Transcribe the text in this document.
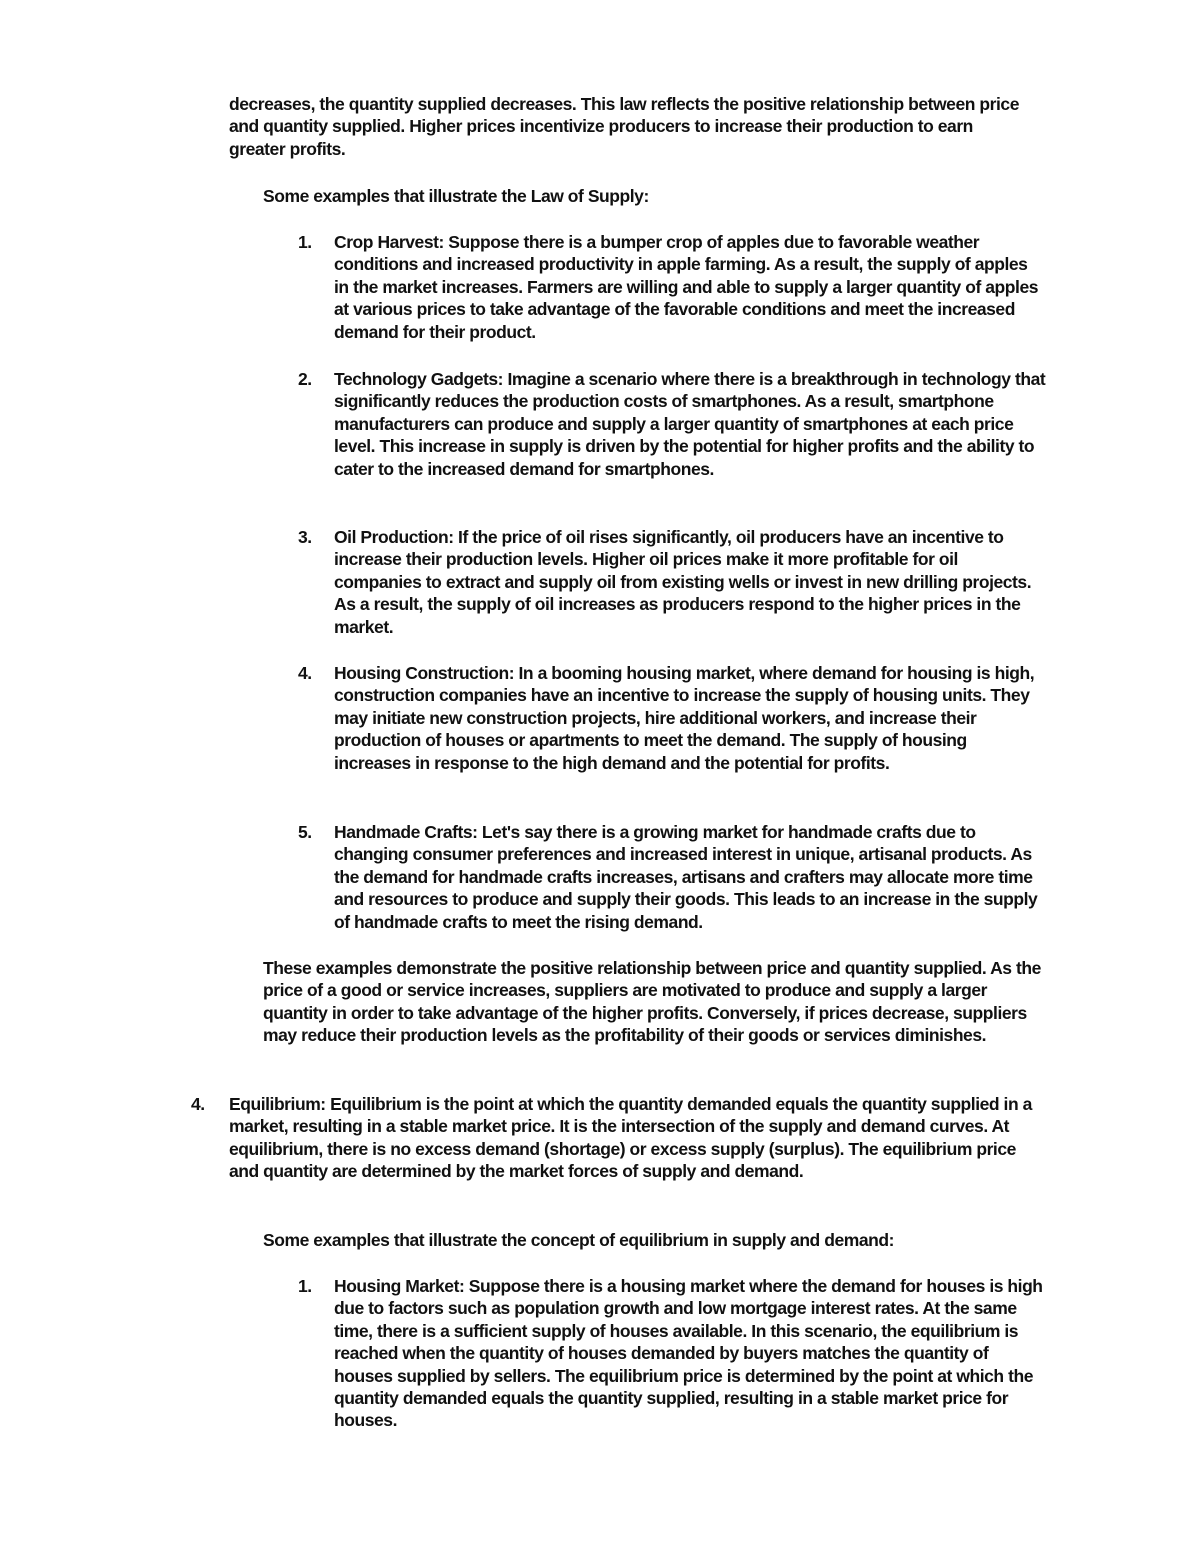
decreases, the quantity supplied decreases. This law reflects the positive relationship between price and quantity supplied. Higher prices incentivize producers to increase their production to earn greater profits.

Some examples that illustrate the Law of Supply:

1.	Crop Harvest: Suppose there is a bumper crop of apples due to favorable weather conditions and increased productivity in apple farming. As a result, the supply of apples in the market increases. Farmers are willing and able to supply a larger quantity of apples at various prices to take advantage of the favorable conditions and meet the increased demand for their product.

2.	Technology Gadgets: Imagine a scenario where there is a breakthrough in technology that significantly reduces the production costs of smartphones. As a result, smartphone manufacturers can produce and supply a larger quantity of smartphones at each price level. This increase in supply is driven by the potential for higher profits and the ability to cater to the increased demand for smartphones.

3.	Oil Production: If the price of oil rises significantly, oil producers have an incentive to increase their production levels. Higher oil prices make it more profitable for oil companies to extract and supply oil from existing wells or invest in new drilling projects. As a result, the supply of oil increases as producers respond to the higher prices in the market.

4.	Housing Construction: In a booming housing market, where demand for housing is high, construction companies have an incentive to increase the supply of housing units. They may initiate new construction projects, hire additional workers, and increase their production of houses or apartments to meet the demand. The supply of housing increases in response to the high demand and the potential for profits.

5.	Handmade Crafts: Let's say there is a growing market for handmade crafts due to changing consumer preferences and increased interest in unique, artisanal products. As the demand for handmade crafts increases, artisans and crafters may allocate more time and resources to produce and supply their goods. This leads to an increase in the supply of handmade crafts to meet the rising demand.

These examples demonstrate the positive relationship between price and quantity supplied. As the price of a good or service increases, suppliers are motivated to produce and supply a larger quantity in order to take advantage of the higher profits. Conversely, if prices decrease, suppliers may reduce their production levels as the profitability of their goods or services diminishes.

4.	Equilibrium: Equilibrium is the point at which the quantity demanded equals the quantity supplied in a market, resulting in a stable market price. It is the intersection of the supply and demand curves. At equilibrium, there is no excess demand (shortage) or excess supply (surplus). The equilibrium price and quantity are determined by the market forces of supply and demand.

Some examples that illustrate the concept of equilibrium in supply and demand:

1.	Housing Market: Suppose there is a housing market where the demand for houses is high due to factors such as population growth and low mortgage interest rates. At the same time, there is a sufficient supply of houses available. In this scenario, the equilibrium is reached when the quantity of houses demanded by buyers matches the quantity of houses supplied by sellers. The equilibrium price is determined by the point at which the quantity demanded equals the quantity supplied, resulting in a stable market price for houses.
